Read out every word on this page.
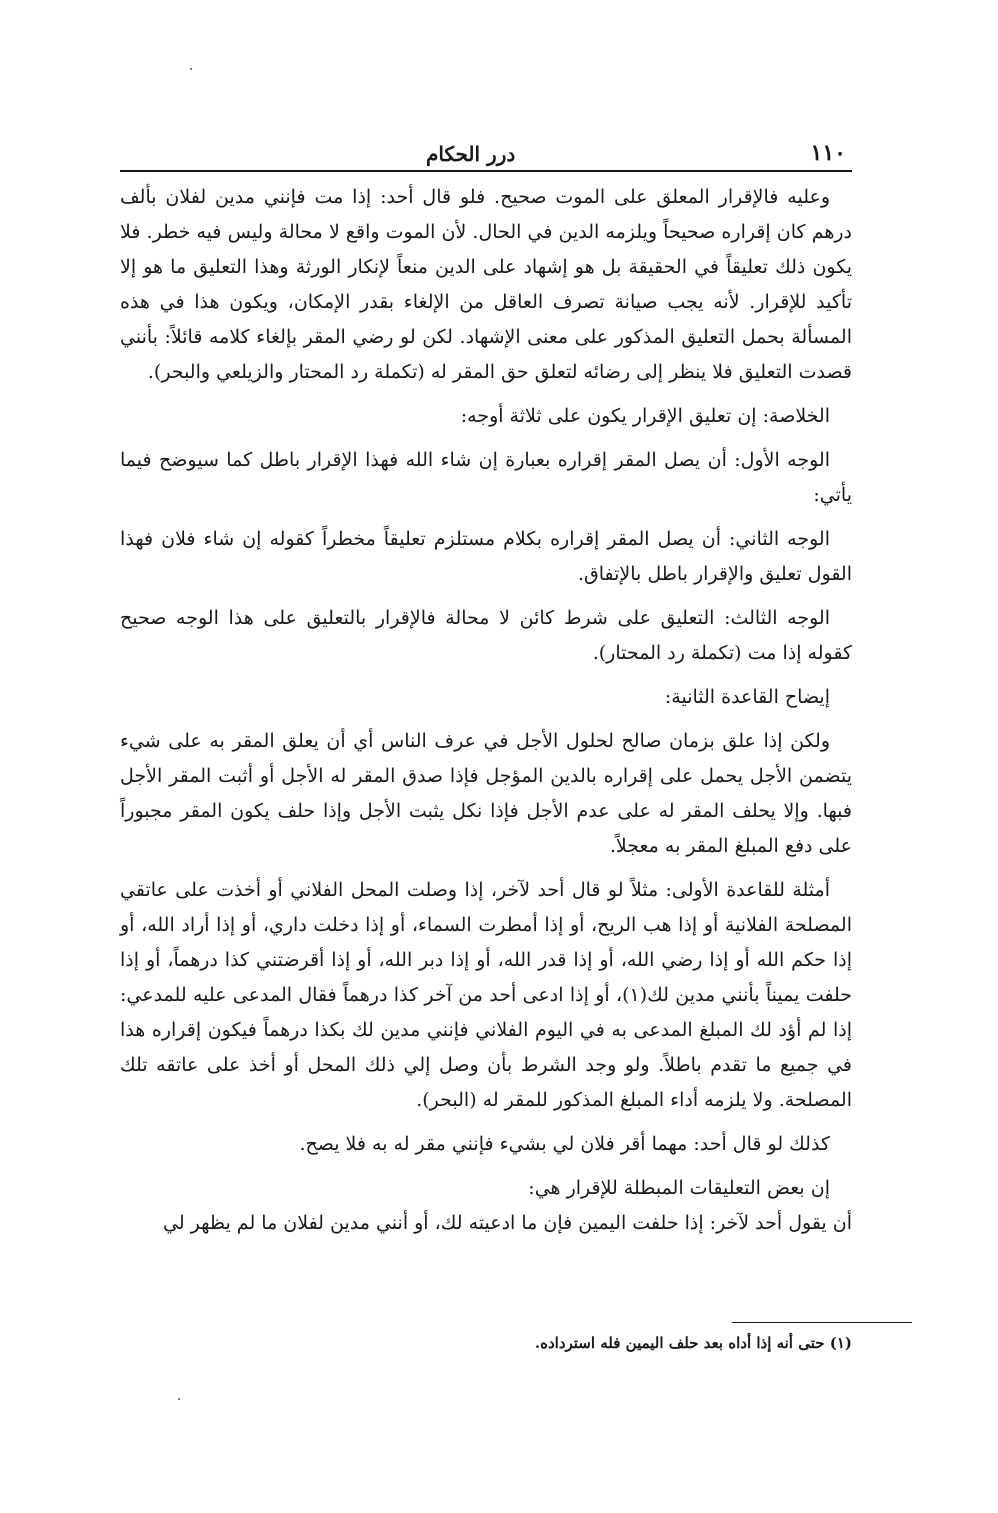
١١٠
درر الحكام

وعليه فالإقرار المعلق على الموت صحيح. فلو قال أحد: إذا مت فإنني مدين لفلان بألف درهم كان إقراره صحيحاً ويلزمه الدين في الحال. لأن الموت واقع لا محالة وليس فيه خطر. فلا يكون ذلك تعليقاً في الحقيقة بل هو إشهاد على الدين منعاً لإنكار الورثة وهذا التعليق ما هو إلا تأكيد للإقرار. لأنه يجب صيانة تصرف العاقل من الإلغاء بقدر الإمكان، ويكون هذا في هذه المسألة بحمل التعليق المذكور على معنى الإشهاد. لكن لو رضي المقر بإلغاء كلامه قائلاً: بأنني قصدت التعليق فلا ينظر إلى رضائه لتعلق حق المقر له (تكملة رد المحتار والزيلعي والبحر).

الخلاصة: إن تعليق الإقرار يكون على ثلاثة أوجه:

الوجه الأول: أن يصل المقر إقراره بعبارة إن شاء الله فهذا الإقرار باطل كما سيوضح فيما يأتي:

الوجه الثاني: أن يصل المقر إقراره بكلام مستلزم تعليقاً مخطراً كقوله إن شاء فلان فهذا القول تعليق والإقرار باطل بالإتفاق.

الوجه الثالث: التعليق على شرط كائن لا محالة فالإقرار بالتعليق على هذا الوجه صحيح كقوله إذا مت (تكملة رد المحتار).

إيضاح القاعدة الثانية:

ولكن إذا علق بزمان صالح لحلول الأجل في عرف الناس أي أن يعلق المقر به على شيء يتضمن الأجل يحمل على إقراره بالدين المؤجل فإذا صدق المقر له الأجل أو أثبت المقر الأجل فبها. وإلا يحلف المقر له على عدم الأجل فإذا نكل يثبت الأجل وإذا حلف يكون المقر مجبوراً على دفع المبلغ المقر به معجلاً.

أمثلة للقاعدة الأولى: مثلاً لو قال أحد لآخر، إذا وصلت المحل الفلاني أو أخذت على عاتقي المصلحة الفلانية أو إذا هب الريح، أو إذا أمطرت السماء، أو إذا دخلت داري، أو إذا أراد الله، أو إذا حكم الله أو إذا رضي الله، أو إذا قدر الله، أو إذا دبر الله، أو إذا أقرضتني كذا درهماً، أو إذا حلفت يميناً بأنني مدين لك(١)، أو إذا ادعى أحد من آخر كذا درهماً فقال المدعى عليه للمدعي: إذا لم أؤد لك المبلغ المدعى به في اليوم الفلاني فإنني مدين لك بكذا درهماً فيكون إقراره هذا في جميع ما تقدم باطلاً. ولو وجد الشرط بأن وصل إلي ذلك المحل أو أخذ على عاتقه تلك المصلحة. ولا يلزمه أداء المبلغ المذكور للمقر له (البحر).

كذلك لو قال أحد: مهما أقر فلان لي بشيء فإنني مقر له به فلا يصح.

إن بعض التعليقات المبطلة للإقرار هي:

أن يقول أحد لآخر: إذا حلفت اليمين فإن ما ادعيته لك، أو أنني مدين لفلان ما لم يظهر لي

(١) حتى أنه إذا أداه بعد حلف اليمين فله استرداده.
